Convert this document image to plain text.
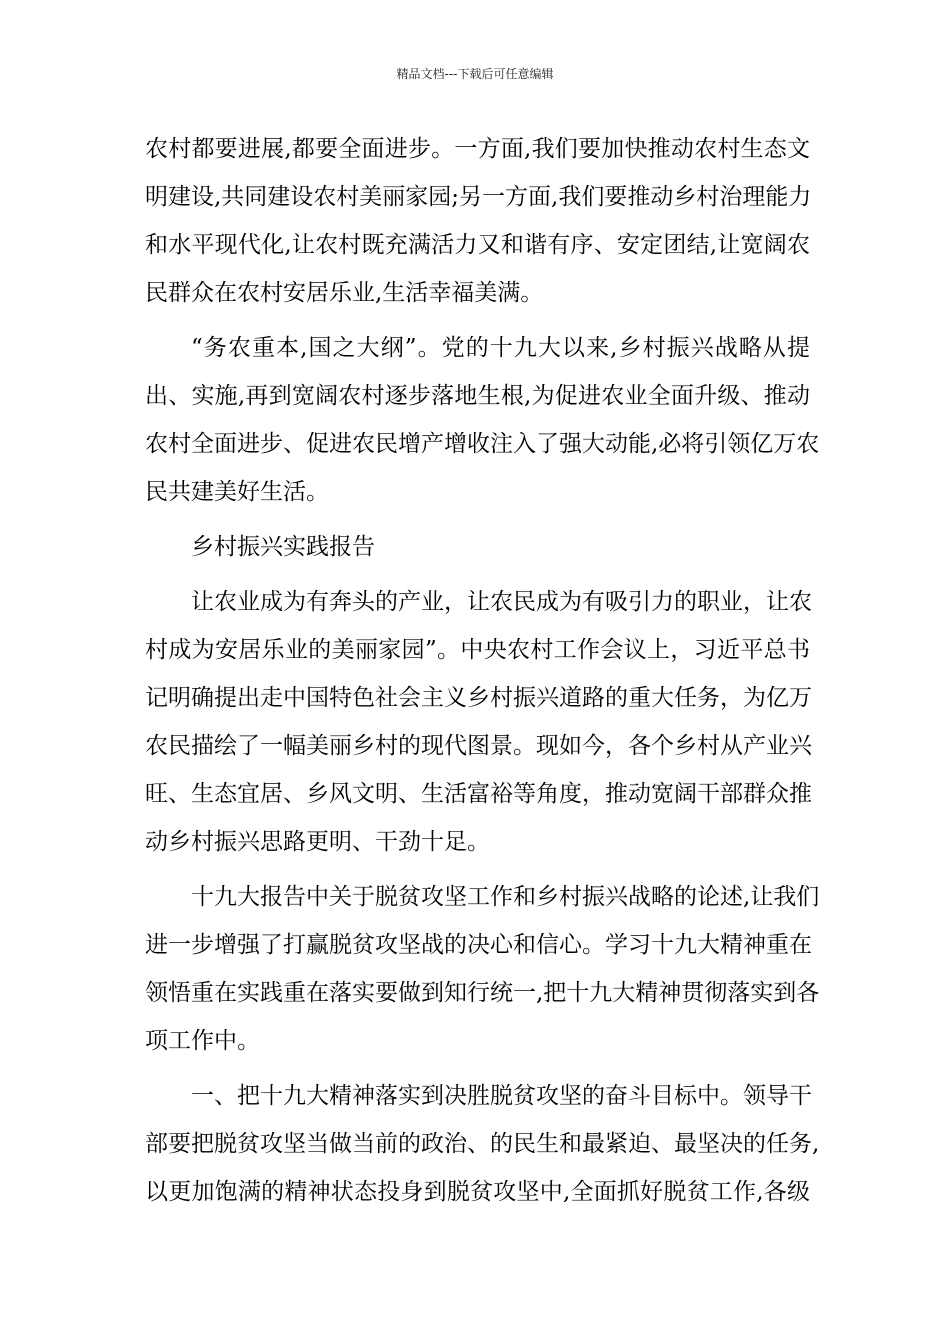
精品文档---下载后可任意编辑
农村都要进展,都要全面进步。一方面,我们要加快推动农村生态文
明建设,共同建设农村美丽家园;另一方面,我们要推动乡村治理能力
和水平现代化,让农村既充满活力又和谐有序、安定团结,让宽阔农
民群众在农村安居乐业,生活幸福美满。
“务农重本,国之大纲”。党的十九大以来,乡村振兴战略从提
出、实施,再到宽阔农村逐步落地生根,为促进农业全面升级、推动
农村全面进步、促进农民增产增收注入了强大动能,必将引领亿万农
民共建美好生活。
乡村振兴实践报告
让农业成为有奔头的产业，让农民成为有吸引力的职业，让农
村成为安居乐业的美丽家园”。中央农村工作会议上，习近平总书
记明确提出走中国特色社会主义乡村振兴道路的重大任务，为亿万
农民描绘了一幅美丽乡村的现代图景。现如今，各个乡村从产业兴
旺、生态宜居、乡风文明、生活富裕等角度，推动宽阔干部群众推
动乡村振兴思路更明、干劲十足。
十九大报告中关于脱贫攻坚工作和乡村振兴战略的论述,让我们
进一步增强了打赢脱贫攻坚战的决心和信心。学习十九大精神重在
领悟重在实践重在落实要做到知行统一,把十九大精神贯彻落实到各
项工作中。
一、把十九大精神落实到决胜脱贫攻坚的奋斗目标中。领导干
部要把脱贫攻坚当做当前的政治、的民生和最紧迫、最坚决的任务,
以更加饱满的精神状态投身到脱贫攻坚中,全面抓好脱贫工作,各级
